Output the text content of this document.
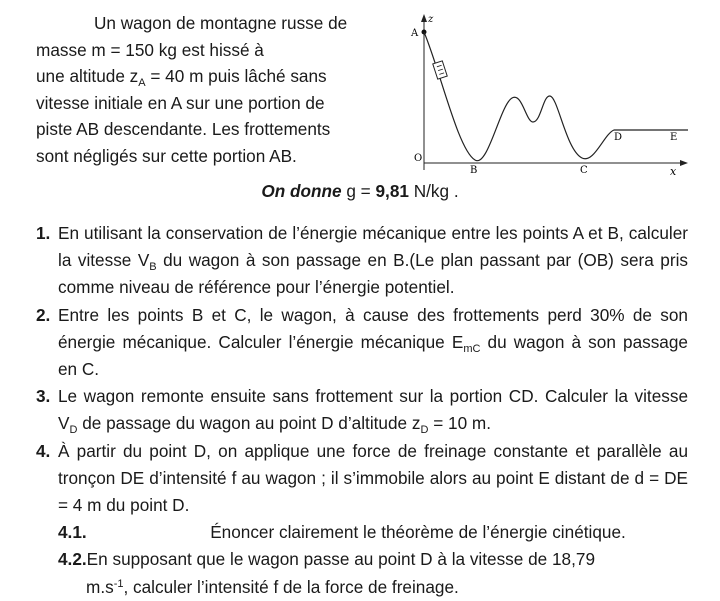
Un wagon de montagne russe de
masse m = 150 kg est hissé à
une altitude $z_A = 40$ m puis lâché sans
vitesse initiale en A sur une portion de
piste AB descendante. Les frottements
sont négligés sur cette portion AB.
z
x
A
O
B	C
D	E
On donne g = 9,81 N/kg .
1. En utilisant la conservation de l’énergie mécanique entre les points A et B, calculer la vitesse $V_B$ du wagon à son passage en B.(Le plan passant par (OB) sera pris comme niveau de référence pour l’énergie potentiel.
2. Entre les points B et C, le wagon, à cause des frottements perd 30% de son énergie mécanique. Calculer l’énergie mécanique $E_{mC}$ du wagon à son passage en C.
3. Le wagon remonte ensuite sans frottement sur la portion CD. Calculer la vitesse $V_D$ de passage du wagon au point D d’altitude $z_D = 10$ m.
4. À partir du point D, on applique une force de freinage constante et parallèle au tronçon DE d’intensité f au wagon ; il s’immobile alors au point E distant de d = DE = 4 m du point D.
4.1.	Énoncer clairement le théorème de l’énergie cinétique.
4.2.En supposant que le wagon passe au point D à la vitesse de 18,79
$m.s^{-1}$, calculer l’intensité f de la force de freinage.
